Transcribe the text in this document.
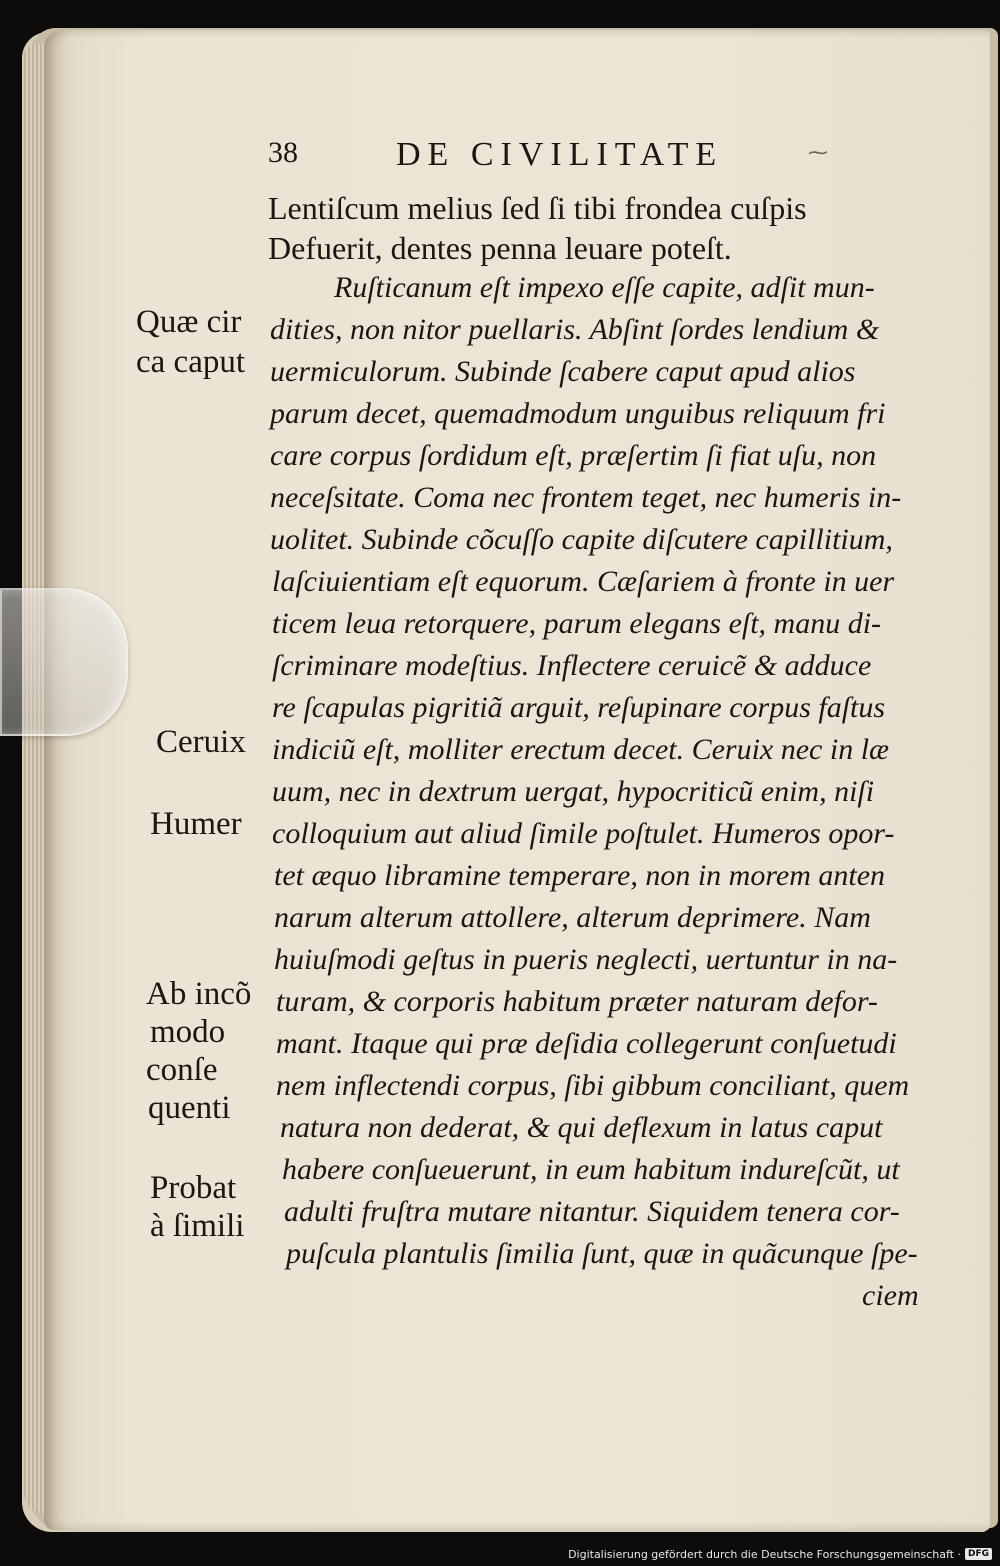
38	DE CIVILITATE	⁓
Lentiſcum melius ſed ſi tibi frondea cuſpis
Defuerit, dentes penna leuare poteſt.
Ruſticanum eſt impexo eſſe capite, adſit mun-
dities, non nitor puellaris. Abſint ſordes lendium &
uermiculorum. Subinde ſcabere caput apud alios
parum decet, quemadmodum unguibus reliquum fri
care corpus ſordidum eſt, præſertim ſi fiat uſu, non
neceſsitate. Coma nec frontem teget, nec humeris in-
uolitet. Subinde cõcuſſo capite diſcutere capillitium,
laſciuientiam eſt equorum. Cæſariem à fronte in uer
ticem leua retorquere, parum elegans eſt, manu di-
ſcriminare modeſtius. Inflectere ceruicẽ & adduce
re ſcapulas pigritiã arguit, reſupinare corpus faſtus
indiciũ eſt, molliter erectum decet. Ceruix nec in læ
uum, nec in dextrum uergat, hypocriticũ enim, niſi
colloquium aut aliud ſimile poſtulet. Humeros opor-
tet æquo libramine temperare, non in morem anten
narum alterum attollere, alterum deprimere. Nam
huiuſmodi geſtus in pueris neglecti, uertuntur in na-
turam, & corporis habitum præter naturam defor-
mant. Itaque qui præ deſidia collegerunt conſuetudi
nem inflectendi corpus, ſibi gibbum conciliant, quem
natura non dederat, & qui deflexum in latus caput
habere conſueuerunt, in eum habitum indureſcũt, ut
adulti fruſtra mutare nitantur. Siquidem tenera cor-
puſcula plantulis ſimilia ſunt, quæ in quãcunque ſpe-
ciem
Quæ cir
ca caput
Ceruix
Humer
Ab incõ
modo
conſe
quenti
Probat
à ſimili
Digitalisierung gefördert durch die Deutsche Forschungsgemeinschaft · DFG
